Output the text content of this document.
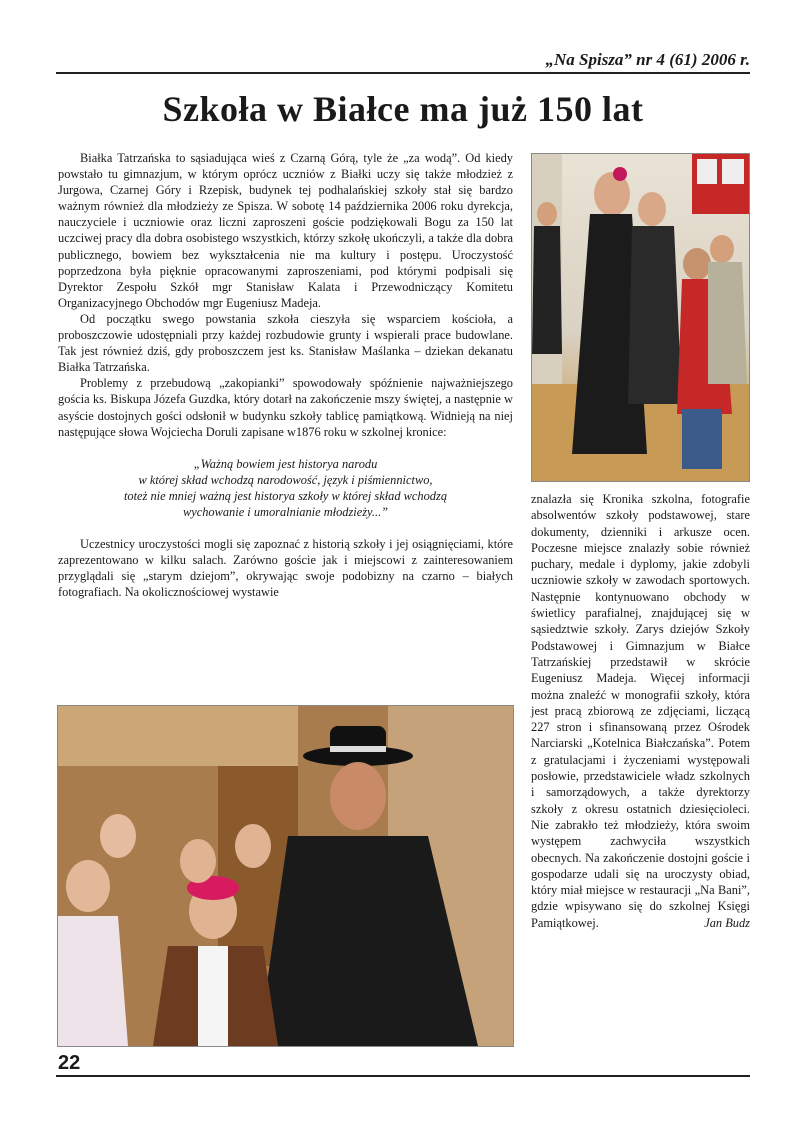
„Na Spisza” nr 4 (61) 2006 r.
Szkoła w Białce ma już 150 lat

Białka Tatrzańska to sąsiadująca wieś z Czarną Górą, tyle że „za wodą”. Od kiedy powstało tu gimnazjum, w którym oprócz uczniów z Białki uczy się także młodzież z Jurgowa, Czarnej Góry i Rzepisk, budynek tej podhalańskiej szkoły stał się bardzo ważnym również dla młodzieży ze Spisza. W sobotę 14 października 2006 roku dyrekcja, nauczyciele i uczniowie oraz liczni zaproszeni goście podziękowali Bogu za 150 lat uczciwej pracy dla dobra osobistego wszystkich, którzy szkołę ukończyli, a także dla dobra publicznego, bowiem bez wykształcenia nie ma kultury i postępu. Uroczystość poprzedzona była pięknie opracowanymi zaproszeniami, pod którymi podpisali się Dyrektor Zespołu Szkół mgr Stanisław Kalata i Przewodniczący Komitetu Organizacyjnego Obchodów mgr Eugeniusz Madeja.

Od początku swego powstania szkoła cieszyła się wsparciem kościoła, a proboszczowie udostępniali przy każdej rozbudowie grunty i wspierali prace budowlane. Tak jest również dziś, gdy proboszczem jest ks. Stanisław Maślanka – dziekan dekanatu Białka Tatrzańska.

Problemy z przebudową „zakopianki” spowodowały spóźnienie najważniejszego gościa ks. Biskupa Józefa Guzdka, który dotarł na zakończenie mszy świętej, a następnie w asyście dostojnych gości odsłonił w budynku szkoły tablicę pamiątkową. Widnieją na niej następujące słowa Wojciecha Doruli zapisane w1876 roku w szkolnej kronice:

„Ważną bowiem jest historya narodu
w której skład wchodzą narodowość, język i piśmiennictwo,
toteż nie mniej ważną jest historya szkoły w której skład wchodzą
wychowanie i umoralnianie młodzieży...”

Uczestnicy uroczystości mogli się zapoznać z historią szkoły i jej osiągnięciami, które zaprezentowano w kilku salach. Zarówno goście jak i miejscowi z zainteresowaniem przyglądali się „starym dziejom”, okrywając swoje podobizny na czarno – białych fotografiach. Na okolicznościowej wystawie

znalazła się Kronika szkolna, fotografie absolwentów szkoły podstawowej, stare dokumenty, dzienniki i arkusze ocen. Poczesne miejsce znalazły sobie również puchary, medale i dyplomy, jakie zdobyli uczniowie szkoły w zawodach sportowych. Następnie kontynuowano obchody w świetlicy parafialnej, znajdującej się w sąsiedztwie szkoły. Zarys dziejów Szkoły Podstawowej i Gimnazjum w Białce Tatrzańskiej przedstawił w skrócie Eugeniusz Madeja. Więcej informacji można znaleźć w monografii szkoły, która jest pracą zbiorową ze zdjęciami, liczącą 227 stron i sfinansowaną przez Ośrodek Narciarski „Kotelnica Białczańska”. Potem z gratulacjami i życzeniami występowali posłowie, przedstawiciele władz szkolnych i samorządowych, a także dyrektorzy szkoły z okresu ostatnich dziesięcioleci. Nie zabrakło też młodzieży, która swoim występem zachwyciła wszystkich obecnych. Na zakończenie dostojni goście i gospodarze udali się na uroczysty obiad, który miał miejsce w restauracji „Na Bani”, gdzie wpisywano się do szkolnej Księgi Pamiątkowej.	Jan Budz

22
